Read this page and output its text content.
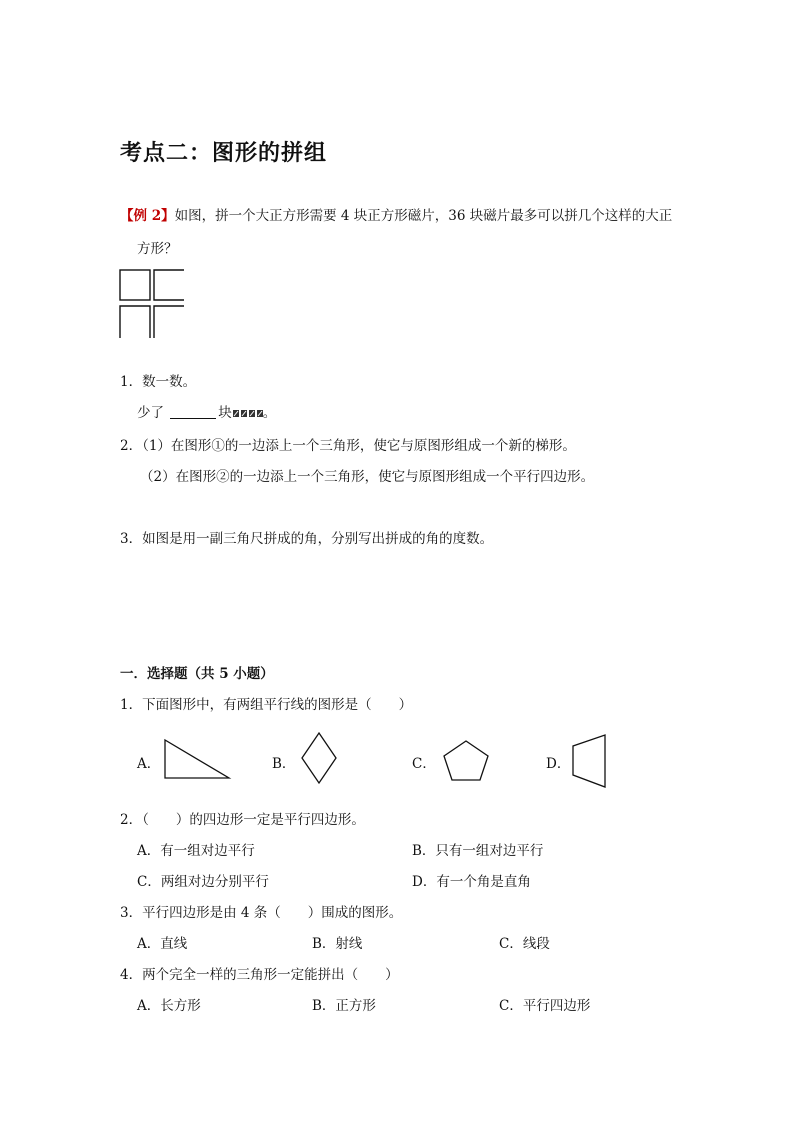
考点二：图形的拼组
【例 2】如图，拼一个大正方形需要 4 块正方形磁片，36 块磁片最多可以拼几个这样的大正
方形？
1．数一数。
少了	块 。
2．（1）在图形①的一边添上一个三角形，使它与原图形组成一个新的梯形。
（2）在图形②的一边添上一个三角形，使它与原图形组成一个平行四边形。
3．如图是用一副三角尺拼成的角，分别写出拼成的角的度数。
一．选择题（共 5 小题）
1．下面图形中，有两组平行线的图形是（　　）
A．	B．	C．	D．
2．（　　）的四边形一定是平行四边形。
A．有一组对边平行	B．只有一组对边平行
C．两组对边分别平行	D．有一个角是直角
3．平行四边形是由 4 条（　　）围成的图形。
A．直线	B．射线	C．线段
4．两个完全一样的三角形一定能拼出（　　）
A．长方形	B．正方形	C．平行四边形
